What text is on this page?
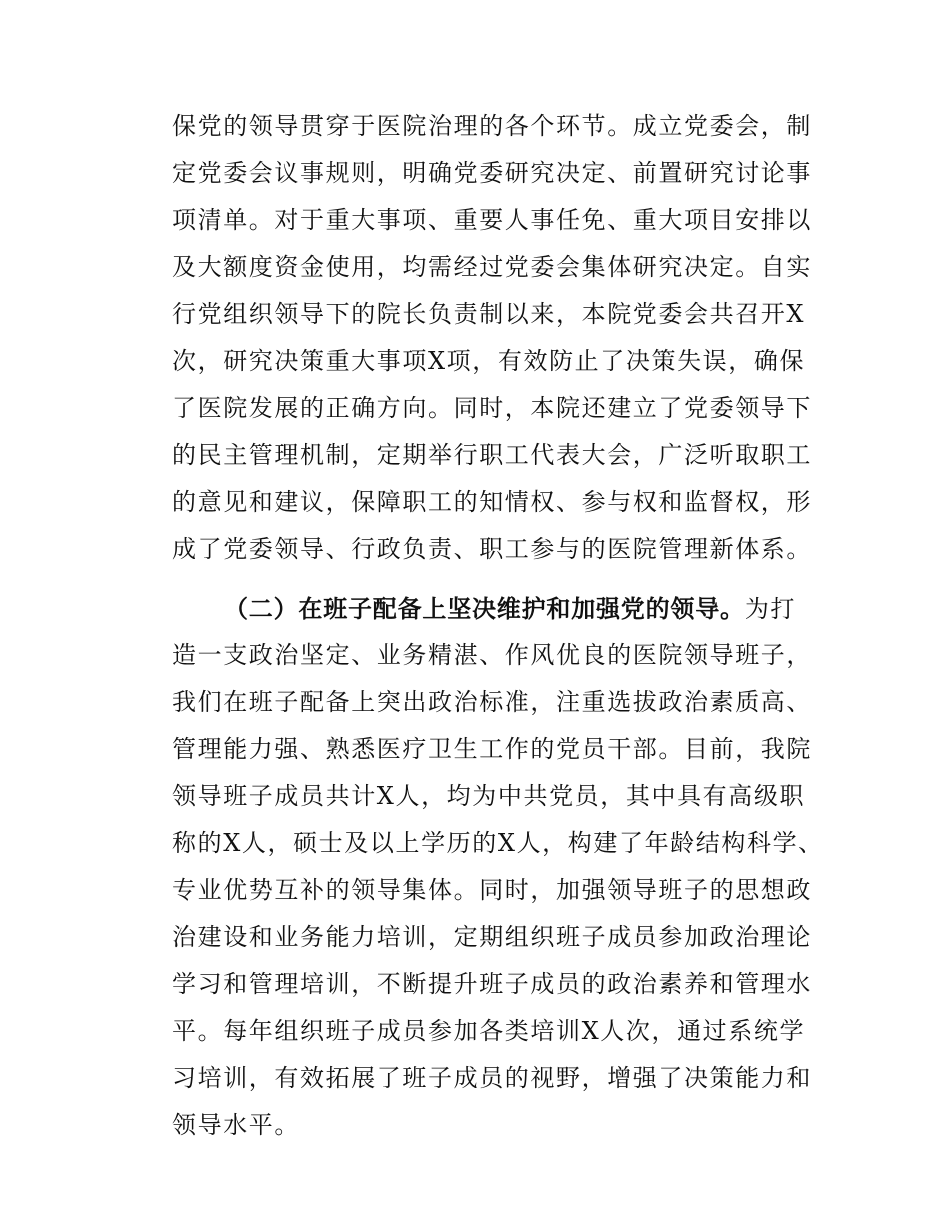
保党的领导贯穿于医院治理的各个环节。成立党委会，制
定党委会议事规则，明确党委研究决定、前置研究讨论事
项清单。对于重大事项、重要人事任免、重大项目安排以
及大额度资金使用，均需经过党委会集体研究决定。自实
行党组织领导下的院长负责制以来，本院党委会共召开X
次，研究决策重大事项X项，有效防止了决策失误，确保
了医院发展的正确方向。同时，本院还建立了党委领导下
的民主管理机制，定期举行职工代表大会，广泛听取职工
的意见和建议，保障职工的知情权、参与权和监督权，形
成了党委领导、行政负责、职工参与的医院管理新体系。
（二）在班子配备上坚决维护和加强党的领导。为打
造一支政治坚定、业务精湛、作风优良的医院领导班子，
我们在班子配备上突出政治标准，注重选拔政治素质高、
管理能力强、熟悉医疗卫生工作的党员干部。目前，我院
领导班子成员共计X人，均为中共党员，其中具有高级职
称的X人，硕士及以上学历的X人，构建了年龄结构科学、
专业优势互补的领导集体。同时，加强领导班子的思想政
治建设和业务能力培训，定期组织班子成员参加政治理论
学习和管理培训，不断提升班子成员的政治素养和管理水
平。每年组织班子成员参加各类培训X人次，通过系统学
习培训，有效拓展了班子成员的视野，增强了决策能力和
领导水平。
